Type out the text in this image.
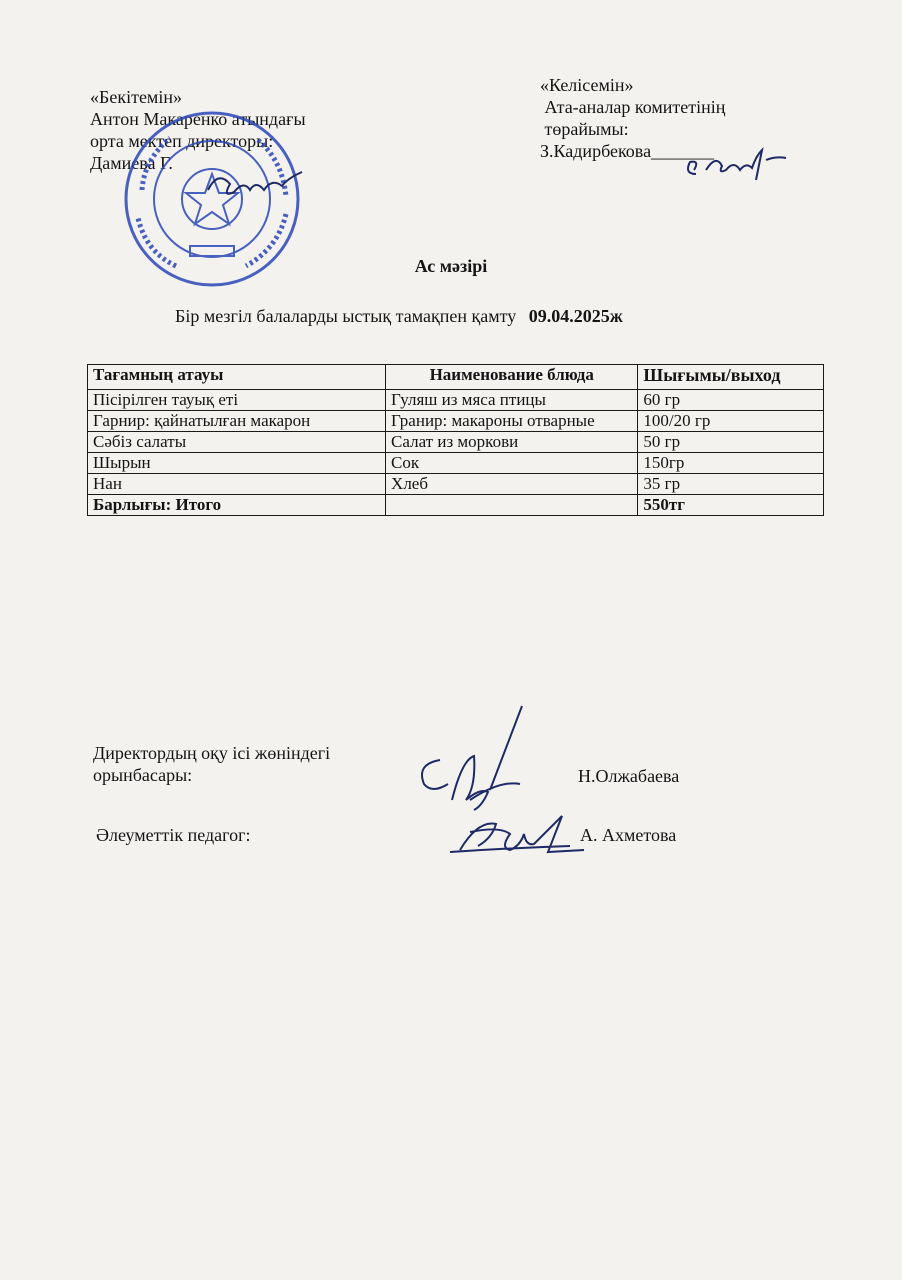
«Бекітемін»
Антон Макаренко атындағы
орта мектеп директоры:
Дамиева Г.
«Келісемін»
Ата-аналар комитетінің
төрайымы:
З.Кадирбекова_______
Ас мәзірі
Бір мезгіл балаларды ыстық тамақпен қамту 09.04.2025ж
Тағамның атауы	Наименование блюда	Шығымы/выход
Пісірілген тауық еті	Гуляш из мяса птицы	60 гр
Гарнир: қайнатылған макарон	Гранир: макароны отварные	100/20 гр
Сәбіз салаты	Салат из моркови	50 гр
Шырын	Сок	150гр
Нан	Хлеб	35 гр
Барлығы: Итого		550тг
Директордың оқу ісі жөніндегі
орынбасары:	Н.Олжабаева
Әлеуметтік педагог:	А. Ахметова
